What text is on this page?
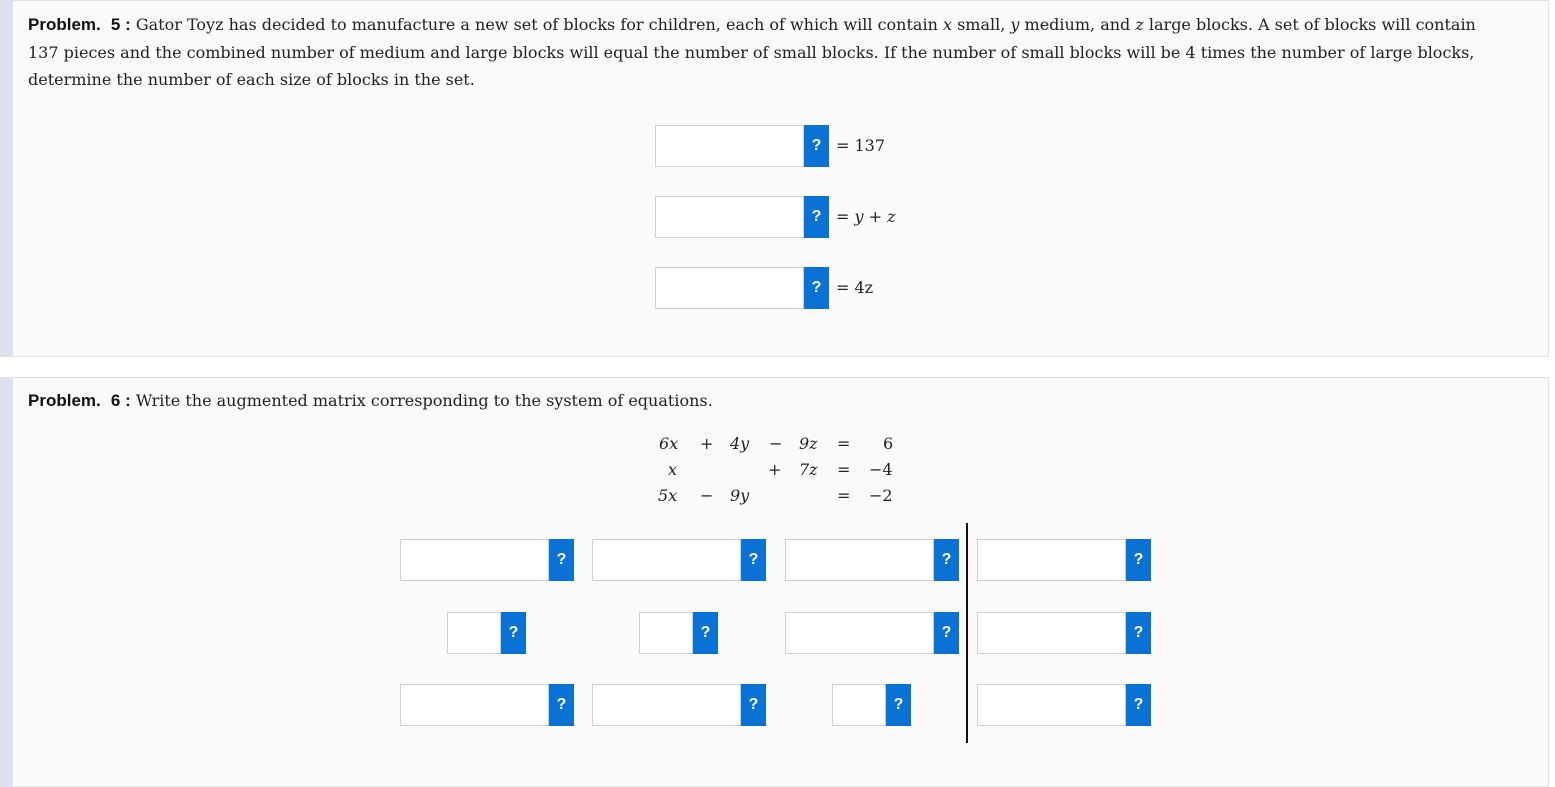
Problem. 5 : Gator Toyz has decided to manufacture a new set of blocks for children, each of which will contain x small, y medium, and z large blocks. A set of blocks will contain 137 pieces and the combined number of medium and large blocks will equal the number of small blocks. If the number of small blocks will be 4 times the number of large blocks, determine the number of each size of blocks in the set.
? = 137
? = y + z
? = 4z
Problem. 6 : Write the augmented matrix corresponding to the system of equations.
6x + 4y − 9z = 6
x	+ 7z = −4
5x − 9y	= −2
?	?	?	?
?	?	?	?
?	?	?	?
